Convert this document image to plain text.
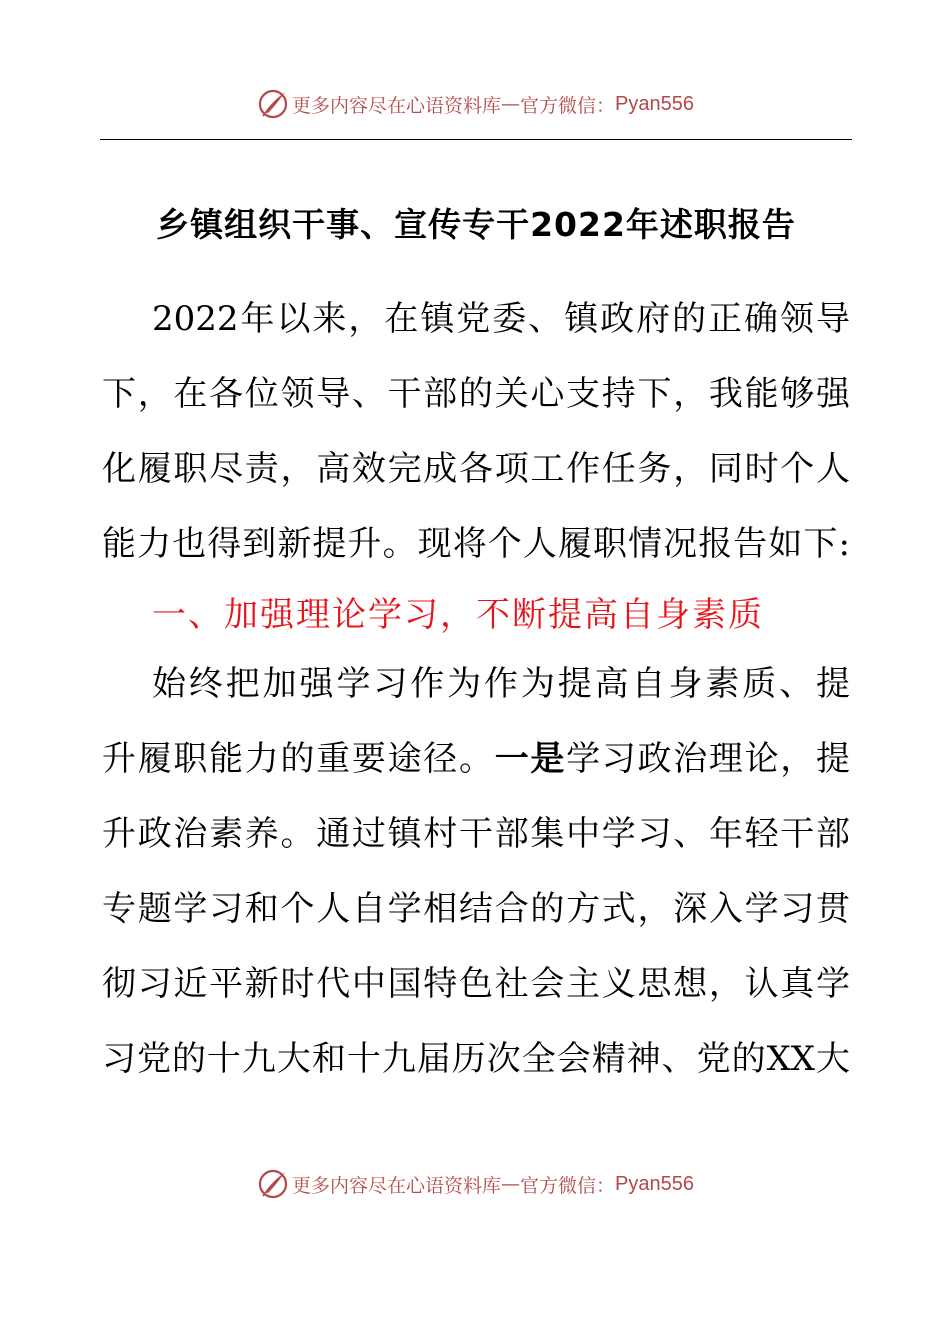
更多内容尽在心语资料库 — 官方微信： Pyan556
乡镇组织干事、宣传专干2022年述职报告
2022年以来，在镇党委、镇政府的正确领导
下，在各位领导、干部的关心支持下，我能够强
化履职尽责，高效完成各项工作任务，同时个人
能力也得到新提升。现将个人履职情况报告如下:
一、加强理论学习，不断提高自身素质
始终把加强学习作为作为提高自身素质、提
升履职能力的重要途径。一是学习政治理论，提
升政治素养。通过镇村干部集中学习、年轻干部
专题学习和个人自学相结合的方式，深入学习贯
彻习近平新时代中国特色社会主义思想，认真学
习党的十九大和十九届历次全会精神、党的XX大
更多内容尽在心语资料库 — 官方微信： Pyan556
